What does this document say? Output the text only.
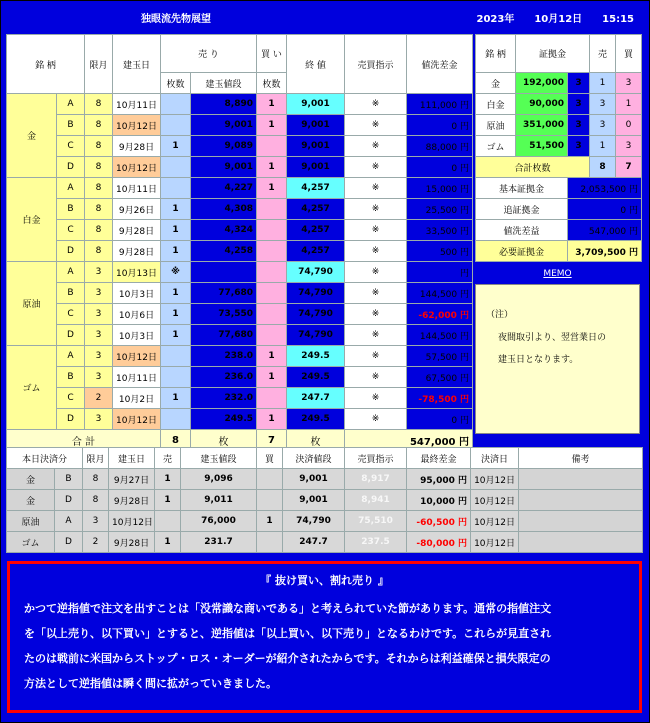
独眼流先物展望	2023年　　10月12日　　15:15
銘 柄		限月	建玉日	売 り		買 い	終 値	売買指示	値洗差金
				枚数	建玉値段	枚数			
金	A	8	10月11日		8,890	1	9,001	※	111,000 円
	B	8	10月12日		9,001	1	9,001	※	0 円
	C	8	9月28日	1	9,089		9,001	※	88,000 円
	D	8	10月12日		9,001	1	9,001	※	0 円
白金	A	8	10月11日		4,227	1	4,257	※	15,000 円
	B	8	9月26日	1	4,308		4,257	※	25,500 円
	C	8	9月28日	1	4,324		4,257	※	33,500 円
	D	8	9月28日	1	4,258		4,257	※	500 円
原油	A	3	10月13日	※			74,790	※	円
	B	3	10月3日	1	77,680		74,790	※	144,500 円
	C	3	10月6日	1	73,550		74,790	※	-62,000 円
	D	3	10月3日	1	77,680		74,790	※	144,500 円
ゴム	A	3	10月12日		238.0	1	249.5	※	57,500 円
	B	3	10月11日		236.0	1	249.5	※	67,500 円
	C	2	10月2日	1	232.0		247.7	※	-78,500 円
	D	3	10月12日		249.5	1	249.5	※	0 円
合 計				8	枚	7	枚	547,000 円	
銘 柄	証拠金		売	買
金	192,000	3	1	3
白金	90,000	3	3	1
原油	351,000	3	3	0
ゴム	51,500	3	1	3
合計枚数			8	7
基本証拠金		2,053,500 円		
追証拠金		0 円		
値洗差益		547,000 円		
必要証拠金		3,709,500 円		
MEMO
（注）
夜間取引より、翌営業日の
建玉日となります。
本日決済分		限月	建玉日	売	建玉値段	買	決済値段	売買指示	最終差金	決済日	備考
金	B	8	9月27日	1	9,096		9,001	8,917	95,000 円	10月12日	
金	D	8	9月28日	1	9,011		9,001	8,941	10,000 円	10月12日	
原油	A	3	10月12日		76,000	1	74,790	75,510	-60,500 円	10月12日	
ゴム	D	2	9月28日	1	231.7		247.7	237.5	-80,000 円	10月12日	
『 抜け買い、割れ売り 』

かつて逆指値で注文を出すことは「没常識な商いである」と考えられていた節があります。通常の指値注文

を「以上売り、以下買い」とすると、逆指値は「以上買い、以下売り」となるわけです。これらが見直され

たのは戦前に米国からストップ・ロス・オーダーが紹介されたからです。それからは利益確保と損失限定の

方法として逆指値は瞬く間に拡がっていきました。
